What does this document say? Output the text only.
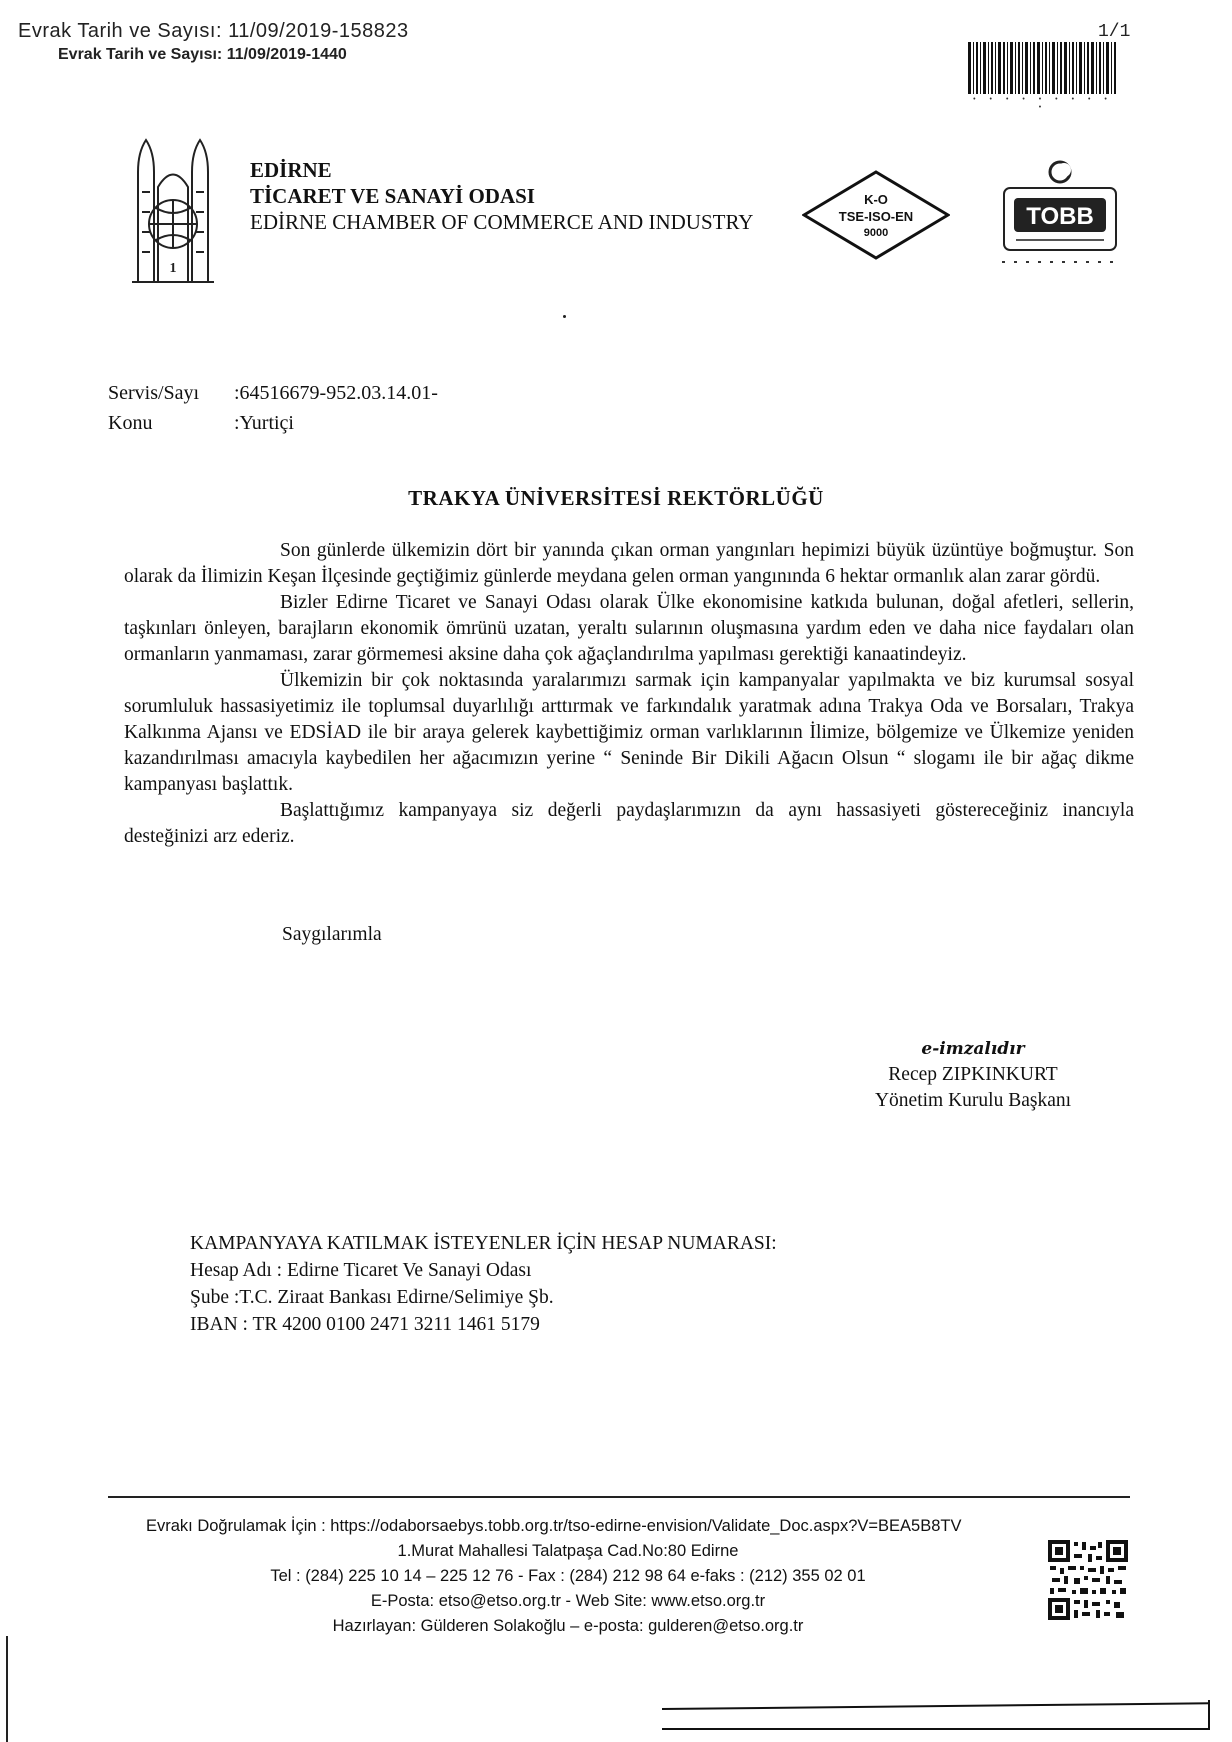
Evrak Tarih ve Sayısı: 11/09/2019-158823
Evrak Tarih ve Sayısı: 11/09/2019-1440
1/1
• • • • • • • • • •
1
EDİRNE
TİCARET VE SANAYİ ODASI
EDİRNE CHAMBER OF COMMERCE AND INDUSTRY
K-O
TSE-ISO-EN
9000
TOBB
Servis/Sayı :64516679-952.03.14.01-
Konu	:Yurtiçi
TRAKYA ÜNİVERSİTESİ REKTÖRLÜĞÜ

Son günlerde ülkemizin dört bir yanında çıkan orman yangınları hepimizi büyük üzüntüye boğmuştur. Son olarak da İlimizin Keşan İlçesinde geçtiğimiz günlerde meydana gelen orman yangınında 6 hektar ormanlık alan zarar gördü.

Bizler Edirne Ticaret ve Sanayi Odası olarak Ülke ekonomisine katkıda bulunan, doğal afetleri, sellerin, taşkınları önleyen, barajların ekonomik ömrünü uzatan, yeraltı sularının oluşmasına yardım eden ve daha nice faydaları olan ormanların yanmaması, zarar görmemesi aksine daha çok ağaçlandırılma yapılması gerektiği kanaatindeyiz.

Ülkemizin bir çok noktasında yaralarımızı sarmak için kampanyalar yapılmakta ve biz kurumsal sosyal sorumluluk hassasiyetimiz ile toplumsal duyarlılığı arttırmak ve farkındalık yaratmak adına Trakya Oda ve Borsaları, Trakya Kalkınma Ajansı ve EDSİAD ile bir araya gelerek kaybettiğimiz orman varlıklarının İlimize, bölgemize ve Ülkemize yeniden kazandırılması amacıyla kaybedilen her ağacımızın yerine “ Seninde Bir Dikili Ağacın Olsun “ slogamı ile bir ağaç dikme kampanyası başlattık.

Başlattığımız kampanyaya siz değerli paydaşlarımızın da aynı hassasiyeti göstereceğiniz inancıyla desteğinizi arz ederiz.

Saygılarımla
e-imzalıdır
Recep ZIPKINKURT
Yönetim Kurulu Başkanı
KAMPANYAYA KATILMAK İSTEYENLER İÇİN HESAP NUMARASI:
Hesap Adı : Edirne Ticaret Ve Sanayi Odası
Şube :T.C. Ziraat Bankası Edirne/Selimiye Şb.
IBAN : TR 4200 0100 2471 3211 1461 5179
Evrakı Doğrulamak İçin : https://odaborsaebys.tobb.org.tr/tso-edirne-envision/Validate_Doc.aspx?V=BEA5B8TV
1.Murat Mahallesi Talatpaşa Cad.No:80 Edirne
Tel : (284) 225 10 14 – 225 12 76 - Fax : (284) 212 98 64 e-faks : (212) 355 02 01
E-Posta: etso@etso.org.tr - Web Site: www.etso.org.tr
Hazırlayan: Gülderen Solakoğlu – e-posta: gulderen@etso.org.tr
